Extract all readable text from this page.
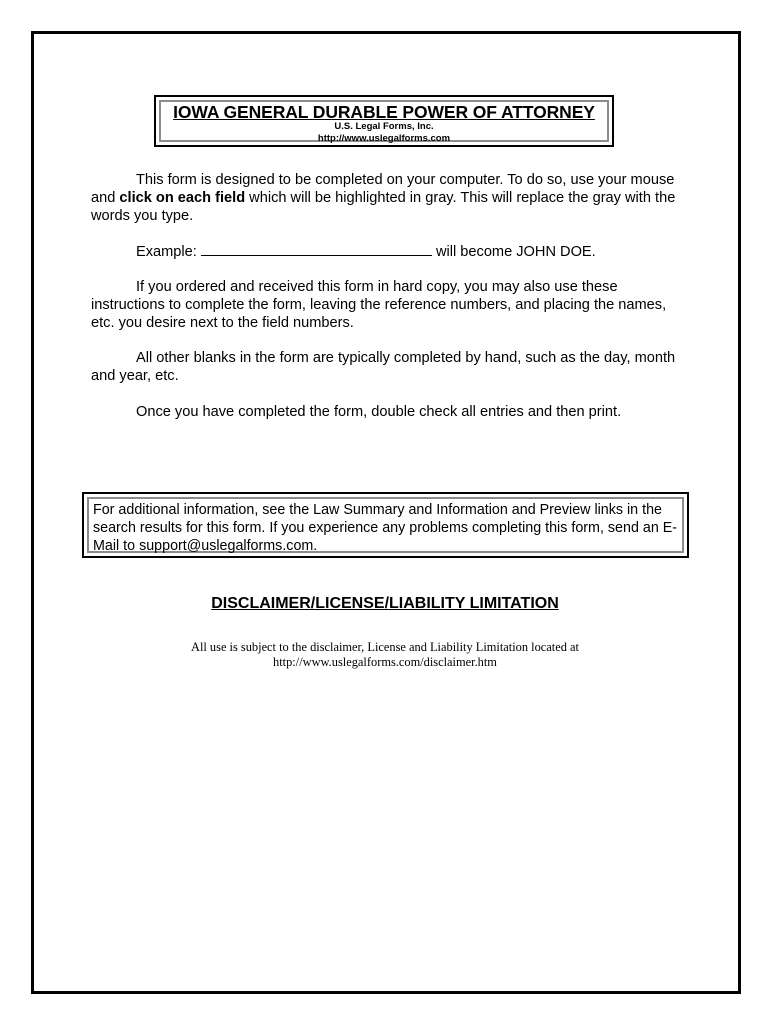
IOWA GENERAL DURABLE POWER OF ATTORNEY
U.S. Legal Forms, Inc.
http://www.uslegalforms.com

This form is designed to be completed on your computer. To do so, use your mouse and click on each field which will be highlighted in gray. This will replace the gray with the words you type.

Example:	will become JOHN DOE.

If you ordered and received this form in hard copy, you may also use these instructions to complete the form, leaving the reference numbers, and placing the names, etc. you desire next to the field numbers.

All other blanks in the form are typically completed by hand, such as the day, month and year, etc.

Once you have completed the form, double check all entries and then print.

For additional information, see the Law Summary and Information and Preview links in the search results for this form. If you experience any problems completing this form, send an E-Mail to support@uslegalforms.com.
DISCLAIMER/LICENSE/LIABILITY LIMITATION
All use is subject to the disclaimer, License and Liability Limitation located at
http://www.uslegalforms.com/disclaimer.htm
